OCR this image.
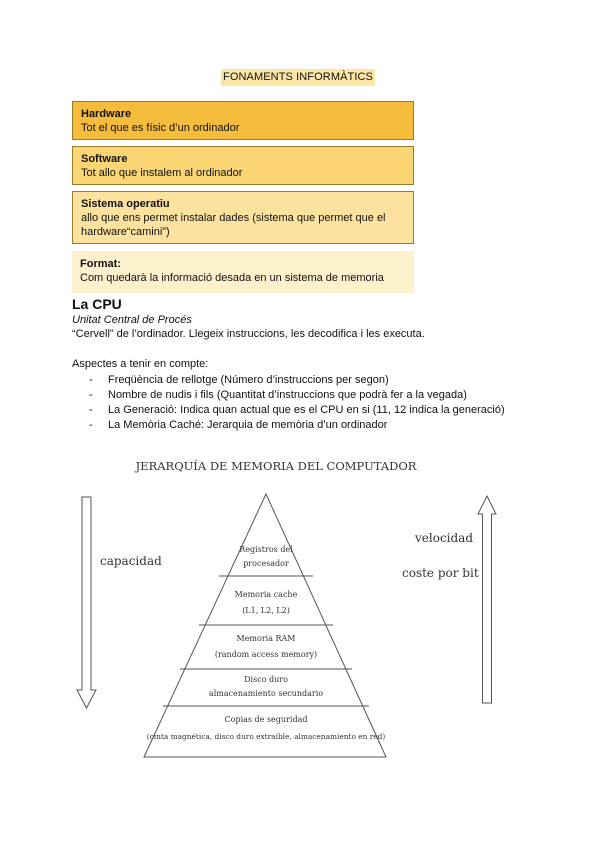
FONAMENTS INFORMÀTICS
Hardware
Tot el que es físic d’un ordinador
Software
Tot allo que instalem al ordinador
Sistema operatiu
allo que ens permet instalar dades (sistema que permet que el hardware“camini”)
Format:
Com quedarà la informació desada en un sistema de memoria
La CPU
Unitat Central de Procés
“Cervell” de l’ordinador. Llegeix instruccions, les decodifica i les executa.
Aspectes a tenir en compte:
- Freqüència de rellotge (Número d’instruccions per segon)
- Nombre de nudis i fils (Quantitat d’instruccions que podrà fer a la vegada)
- La Generació: Indica quan actual que es el CPU en si (11, 12 indica la generació)
- La Memòria Caché: Jerarquia de memòria d’un ordinador
JERARQUÍA DE MEMORIA DEL COMPUTADOR
capacidad
velocidad
coste por bit
Registros del
procesador
Memoria cache
(L1, L2, L2)
Memoria RAM
(random access memory)
Disco duro
almacenamiento secundario
Copias de seguridad
(cinta magnética, disco duro extraíble, almacenamiento en red)
